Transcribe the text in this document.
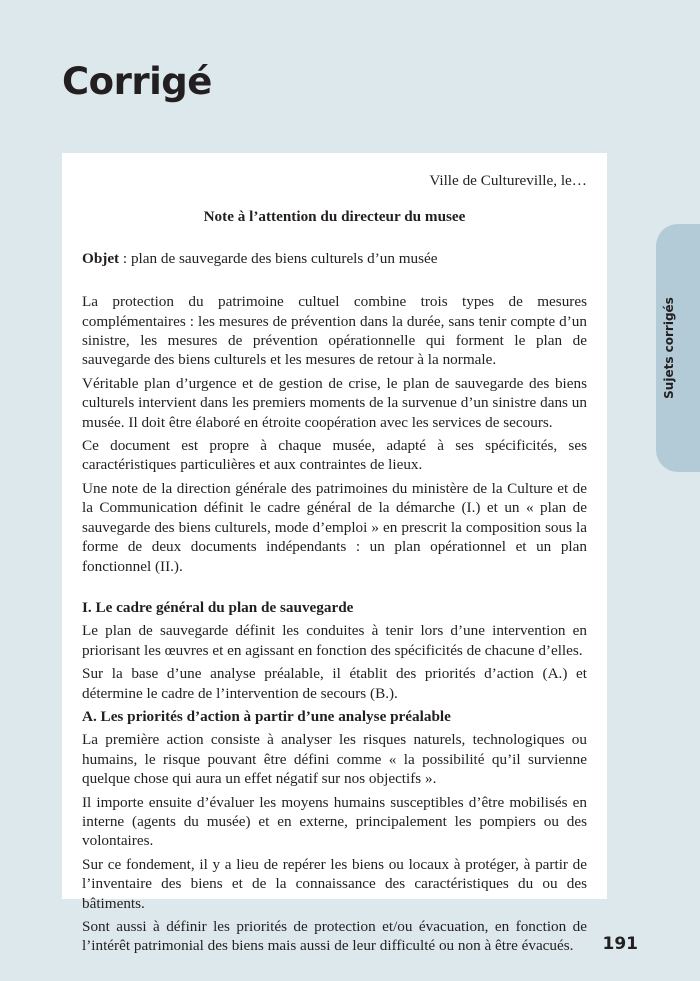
Corrigé
Sujets corrigés

Ville de Cultureville, le…

Note à l’attention du directeur du musee

Objet : plan de sauvegarde des biens culturels d’un musée

La protection du patrimoine cultuel combine trois types de mesures complémentaires : les mesures de prévention dans la durée, sans tenir compte d’un sinistre, les mesures de prévention opérationnelle qui forment le plan de sauvegarde des biens culturels et les mesures de retour à la normale.

Véritable plan d’urgence et de gestion de crise, le plan de sauvegarde des biens culturels intervient dans les premiers moments de la survenue d’un sinistre dans un musée. Il doit être élaboré en étroite coopération avec les services de secours.

Ce document est propre à chaque musée, adapté à ses spécificités, ses caractéristiques particulières et aux contraintes de lieux.

Une note de la direction générale des patrimoines du ministère de la Culture et de la Communication définit le cadre général de la démarche (I.) et un « plan de sauvegarde des biens culturels, mode d’emploi » en prescrit la composition sous la forme de deux documents indépendants : un plan opérationnel et un plan fonctionnel (II.).

I. Le cadre général du plan de sauvegarde

Le plan de sauvegarde définit les conduites à tenir lors d’une intervention en priorisant les œuvres et en agissant en fonction des spécificités de chacune d’elles.

Sur la base d’une analyse préalable, il établit des priorités d’action (A.) et détermine le cadre de l’intervention de secours (B.).

A. Les priorités d’action à partir d’une analyse préalable

La première action consiste à analyser les risques naturels, technologiques ou humains, le risque pouvant être défini comme « la possibilité qu’il survienne quelque chose qui aura un effet négatif sur nos objectifs ».

Il importe ensuite d’évaluer les moyens humains susceptibles d’être mobilisés en interne (agents du musée) et en externe, principalement les pompiers ou des volontaires.

Sur ce fondement, il y a lieu de repérer les biens ou locaux à protéger, à partir de l’inventaire des biens et de la connaissance des caractéristiques du ou des bâtiments.

Sont aussi à définir les priorités de protection et/ou évacuation, en fonction de l’intérêt patrimonial des biens mais aussi de leur difficulté ou non à être évacués.	191
